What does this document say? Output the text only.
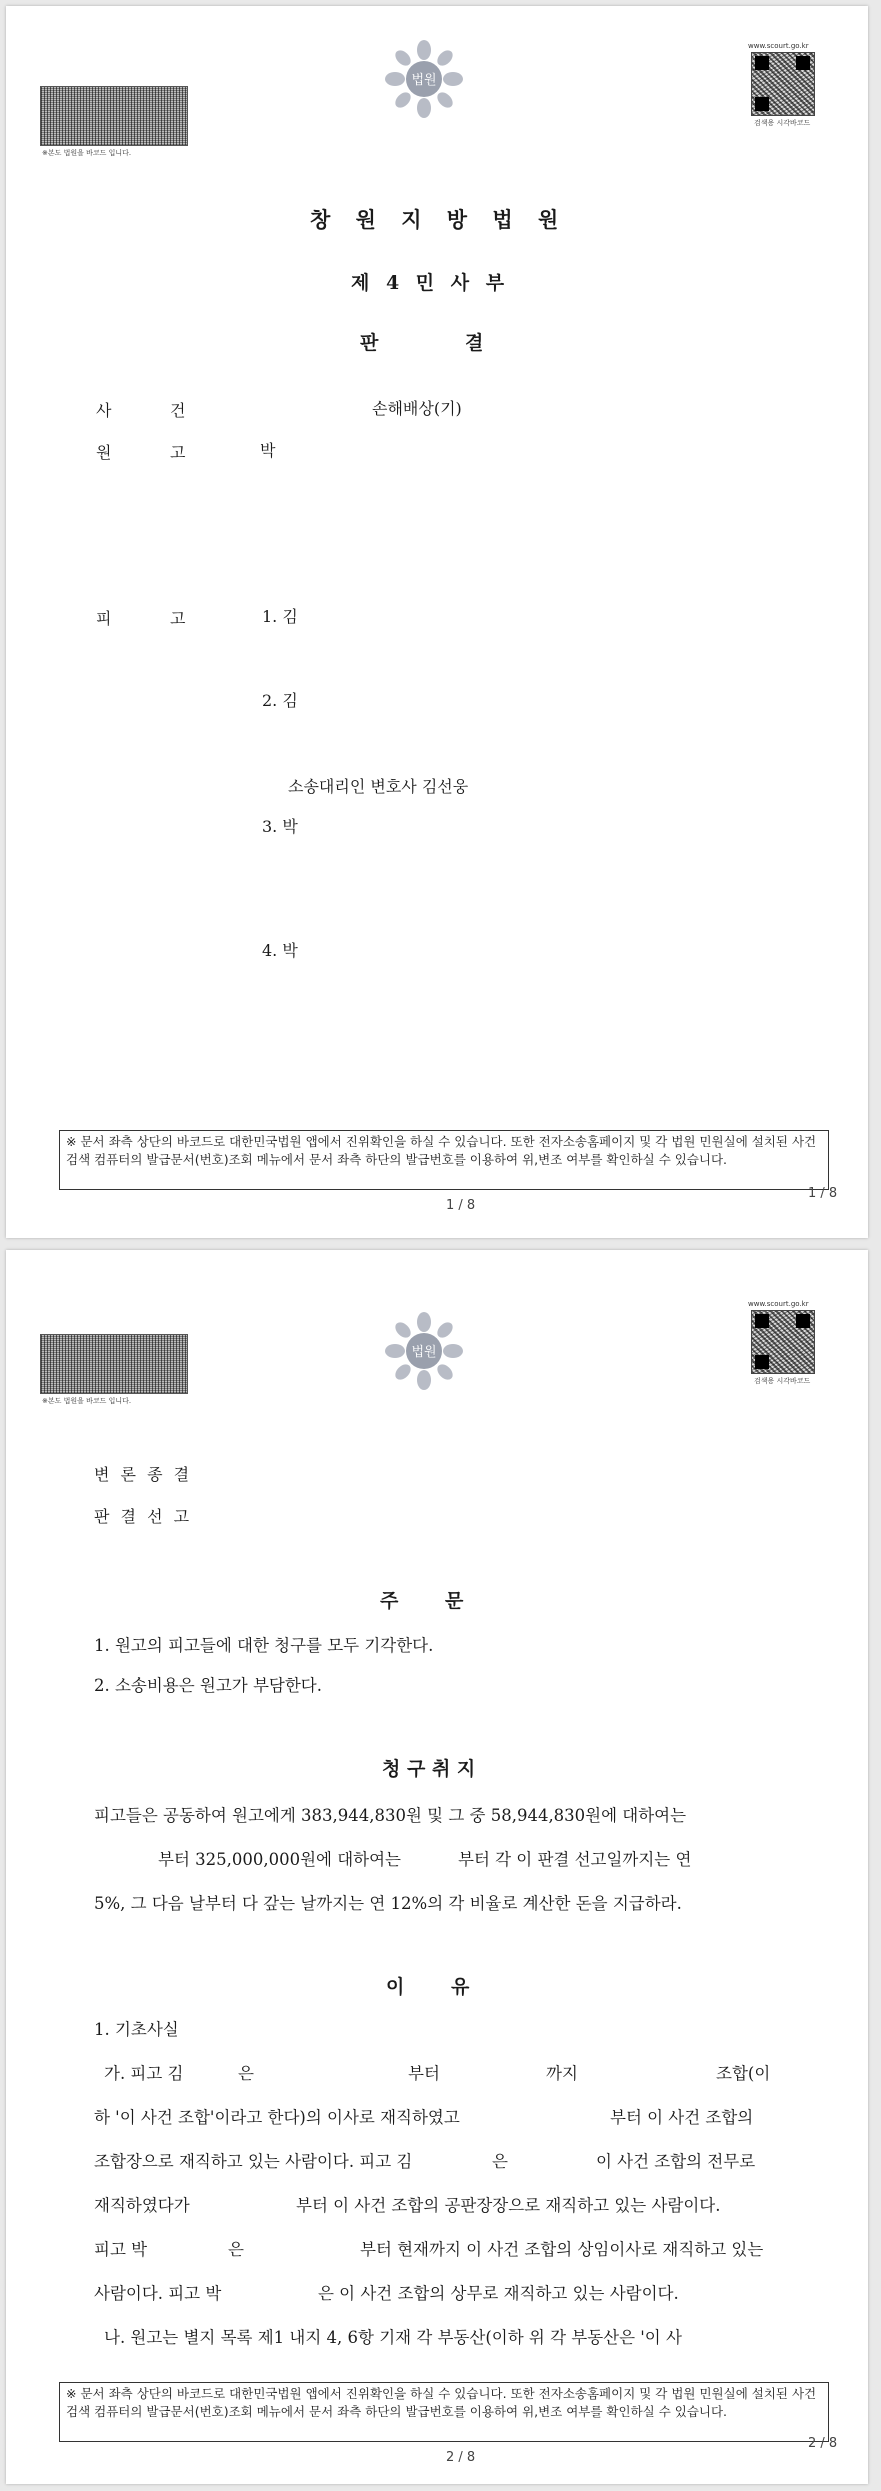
※본도 법원을 바코드 입니다.
법원
www.scourt.go.kr
검색용 시각바코드
창 원 지 방 법 원
제 4 민 사 부
판 결
사	건	손해배상(기)
원	고	박
피	고	1. 김
2. 김
소송대리인 변호사 김선웅
3. 박
4. 박
※ 문서 좌측 상단의 바코드로 대한민국법원 앱에서 진위확인을 하실 수 있습니다. 또한 전자소송홈페이지 및 각 법원 민원실에 설치된 사건검색 컴퓨터의 발급문서(번호)조회 메뉴에서 문서 좌측 하단의 발급번호를 이용하여 위,변조 여부를 확인하실 수 있습니다.
1 / 8
1 / 8
※본도 법원을 바코드 입니다.
법원
www.scourt.go.kr
검색용 시각바코드
변 론 종 결
판 결 선 고
주 문
1. 원고의 피고들에 대한 청구를 모두 기각한다.
2. 소송비용은 원고가 부담한다.
청 구 취 지
피고들은 공동하여 원고에게 383,944,830원 및 그 중 58,944,830원에 대하여는
부터 325,000,000원에 대하여는	부터 각 이 판결 선고일까지는 연
5%, 그 다음 날부터 다 갚는 날까지는 연 12%의 각 비율로 계산한 돈을 지급하라.
이 유
1. 기초사실
가. 피고 김	은	부터	까지	조합(이
하 '이 사건 조합'이라고 한다)의 이사로 재직하였고	부터 이 사건 조합의
조합장으로 재직하고 있는 사람이다. 피고 김	은	이 사건 조합의 전무로
재직하였다가	부터 이 사건 조합의 공판장장으로 재직하고 있는 사람이다.
피고 박	은	부터 현재까지 이 사건 조합의 상임이사로 재직하고 있는
사람이다. 피고 박	은 이 사건 조합의 상무로 재직하고 있는 사람이다.
나. 원고는 별지 목록 제1 내지 4, 6항 기재 각 부동산(이하 위 각 부동산은 '이 사
※ 문서 좌측 상단의 바코드로 대한민국법원 앱에서 진위확인을 하실 수 있습니다. 또한 전자소송홈페이지 및 각 법원 민원실에 설치된 사건검색 컴퓨터의 발급문서(번호)조회 메뉴에서 문서 좌측 하단의 발급번호를 이용하여 위,변조 여부를 확인하실 수 있습니다.
2 / 8
2 / 8
